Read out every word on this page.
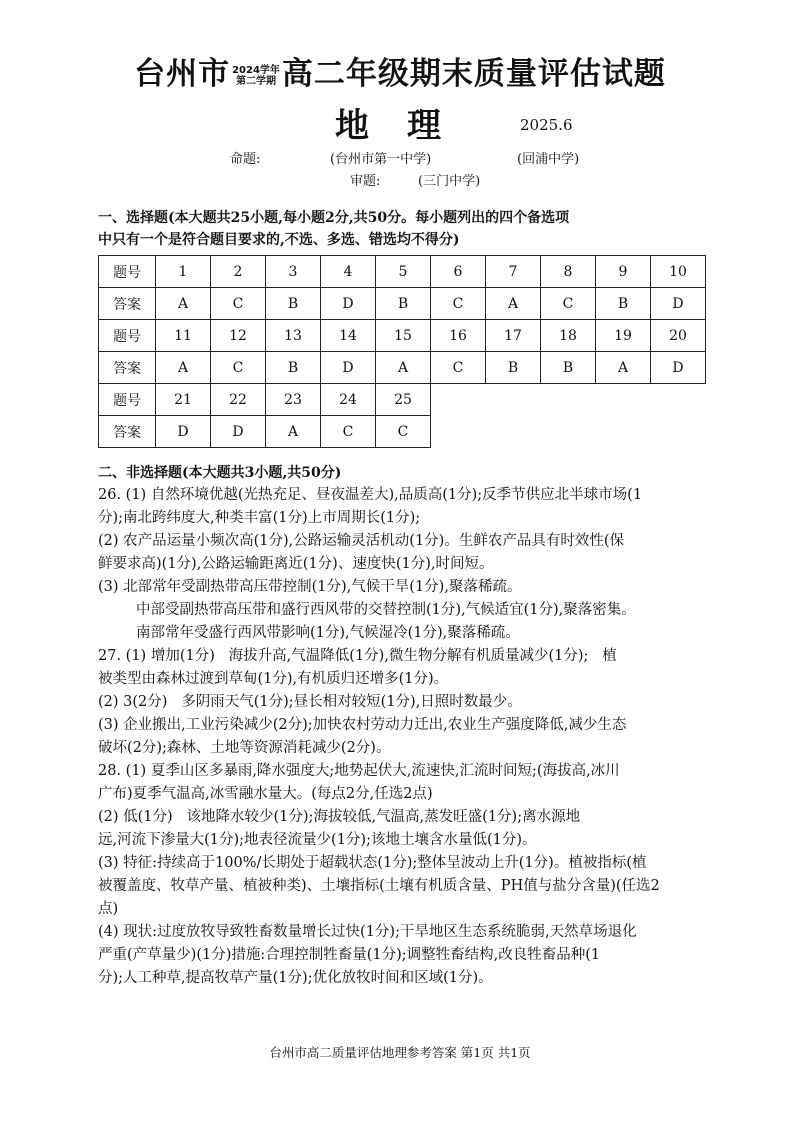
台州市 2024学年
第二学期 高二年级期末质量评估试题
地理	2025.6
命题:	(台州市第一中学)	(回浦中学)
审题:	(三门中学)
一、选择题(本大题共25小题,每小题2分,共50分。每小题列出的四个备选项
中只有一个是符合题目要求的,不选、多选、错选均不得分)
题号	1	2	3	4	5	6	7	8	9	10
答案	A	C	B	D	B	C	A	C	B	D
题号	11	12	13	14	15	16	17	18	19	20
答案	A	C	B	D	A	C	B	B	A	D
题号	21	22	23	24	25					
答案	D	D	A	C	C					
二、非选择题(本大题共3小题,共50分)
26. (1) 自然环境优越(光热充足、昼夜温差大),品质高(1分);反季节供应北半球市场(1
分);南北跨纬度大,种类丰富(1分)上市周期长(1分);
(2) 农产品运量小频次高(1分),公路运输灵活机动(1分)。生鲜农产品具有时效性(保
鲜要求高)(1分),公路运输距离近(1分)、速度快(1分),时间短。
(3) 北部常年受副热带高压带控制(1分),气候干旱(1分),聚落稀疏。
中部受副热带高压带和盛行西风带的交替控制(1分),气候适宜(1分),聚落密集。
南部常年受盛行西风带影响(1分),气候湿冷(1分),聚落稀疏。
27. (1) 增加(1分)   海拔升高,气温降低(1分),微生物分解有机质量减少(1分);   植
被类型由森林过渡到草甸(1分),有机质归还增多(1分)。
(2) 3(2分)   多阴雨天气(1分);昼长相对较短(1分),日照时数最少。
(3) 企业搬出,工业污染减少(2分);加快农村劳动力迁出,农业生产强度降低,减少生态
破坏(2分);森林、土地等资源消耗减少(2分)。
28. (1) 夏季山区多暴雨,降水强度大;地势起伏大,流速快,汇流时间短;(海拔高,冰川
广布)夏季气温高,冰雪融水量大。(每点2分,任选2点)
(2) 低(1分)   该地降水较少(1分);海拔较低,气温高,蒸发旺盛(1分);离水源地
远,河流下渗量大(1分);地表径流量少(1分);该地土壤含水量低(1分)。
(3) 特征:持续高于100%/长期处于超载状态(1分);整体呈波动上升(1分)。植被指标(植
被覆盖度、牧草产量、植被种类)、土壤指标(土壤有机质含量、PH值与盐分含量)(任选2
点)
(4) 现状:过度放牧导致牲畜数量增长过快(1分);干旱地区生态系统脆弱,天然草场退化
严重(产草量少)(1分)措施:合理控制牲畜量(1分);调整牲畜结构,改良牲畜品种(1
分);人工种草,提高牧草产量(1分);优化放牧时间和区域(1分)。
台州市高二质量评估地理参考答案 第1页 共1页
